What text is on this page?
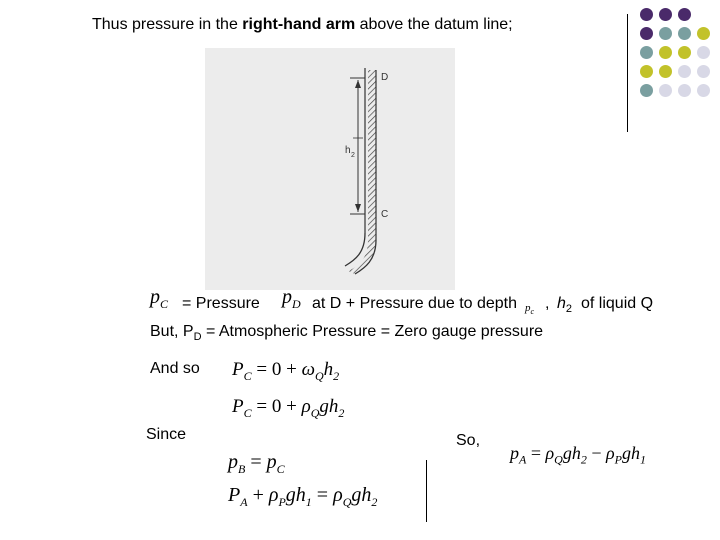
Thus pressure in the right-hand arm above the datum line;
D
C
h 2
$p_C$ = Pressure $p_D$ at D + Pressure due to depth $p_c$ , $h_2$ of liquid Q
But, $P_D$ = Atmospheric Pressure = Zero gauge pressure
And so $P_C = 0 + \omega_Qh_2$
$P_C = 0 + \rho_Qgh_2$
Since	So,
$p_B = p_C$
$P_A + \rho_Pgh_1 = \rho_Qgh_2$
$p_A = \rho_Qgh_2 - \rho_Pgh_1$
